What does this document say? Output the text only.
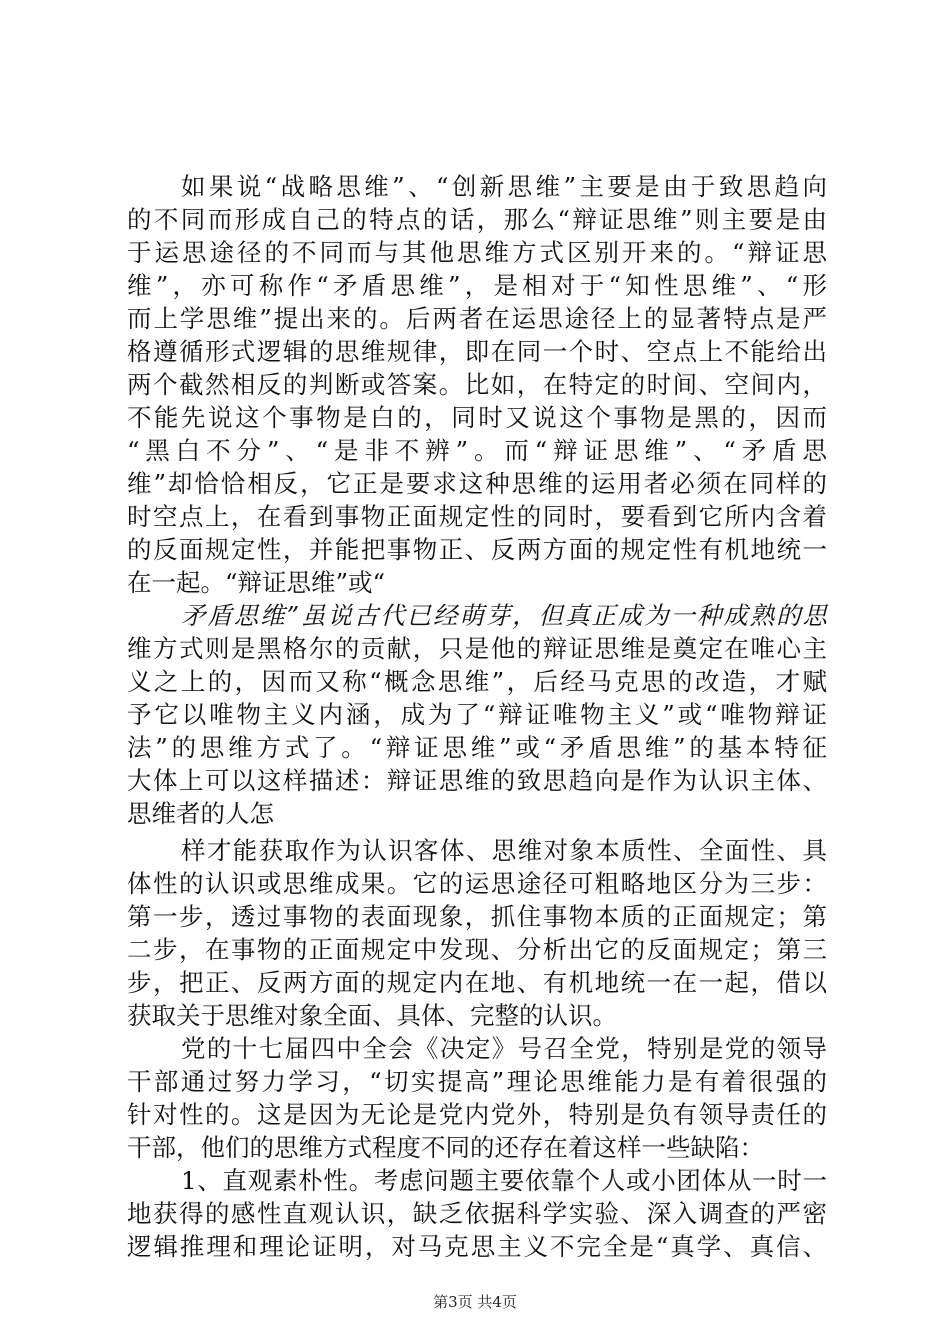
如果说“战略思维”、“创新思维”主要是由于致思趋向
的不同而形成自己的特点的话，那么“辩证思维”则主要是由
于运思途径的不同而与其他思维方式区别开来的。“辩证思
维”，亦可称作“矛盾思维”，是相对于“知性思维”、“形
而上学思维”提出来的。后两者在运思途径上的显著特点是严
格遵循形式逻辑的思维规律，即在同一个时、空点上不能给出
两个截然相反的判断或答案。比如，在特定的时间、空间内，
不能先说这个事物是白的，同时又说这个事物是黑的，因而
“黑白不分”、“是非不辨”。而“辩证思维”、“矛盾思
维”却恰恰相反，它正是要求这种思维的运用者必须在同样的
时空点上，在看到事物正面规定性的同时，要看到它所内含着
的反面规定性，并能把事物正、反两方面的规定性有机地统一
在一起。“辩证思维”或“
矛盾思维”虽说古代已经萌芽，但真正成为一种成熟的思
维方式则是黑格尔的贡献，只是他的辩证思维是奠定在唯心主
义之上的，因而又称“概念思维”，后经马克思的改造，才赋
予它以唯物主义内涵，成为了“辩证唯物主义”或“唯物辩证
法”的思维方式了。“辩证思维”或“矛盾思维”的基本特征
大体上可以这样描述：辩证思维的致思趋向是作为认识主体、
思维者的人怎
样才能获取作为认识客体、思维对象本质性、全面性、具
体性的认识或思维成果。它的运思途径可粗略地区分为三步：
第一步，透过事物的表面现象，抓住事物本质的正面规定；第
二步，在事物的正面规定中发现、分析出它的反面规定；第三
步，把正、反两方面的规定内在地、有机地统一在一起，借以
获取关于思维对象全面、具体、完整的认识。
党的十七届四中全会《决定》号召全党，特别是党的领导
干部通过努力学习，“切实提高”理论思维能力是有着很强的
针对性的。这是因为无论是党内党外，特别是负有领导责任的
干部，他们的思维方式程度不同的还存在着这样一些缺陷：
第3页 共4页
1、直观素朴性。考虑问题主要依靠个人或小团体从一时一
地获得的感性直观认识，缺乏依据科学实验、深入调查的严密
逻辑推理和理论证明，对马克思主义不完全是“真学、真信、
